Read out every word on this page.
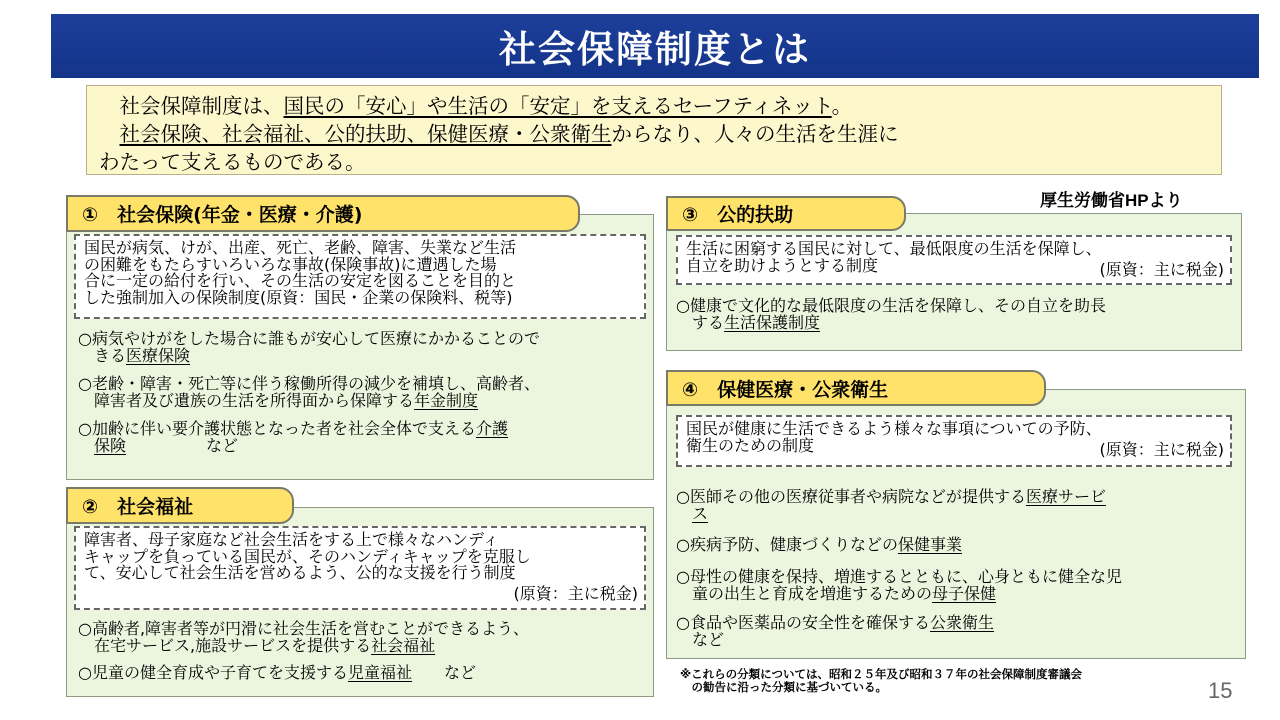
社会保障制度とは

　社会保障制度は、国民の「安心」や生活の「安定」を支えるセーフティネット。

　社会保険、社会福祉、公的扶助、保健医療・公衆衛生からなり、人々の生活を生涯に

わたって支えるものである。

厚生労働省HPより
①　社会保険(年金・医療・介護)
国民が病気、けが、出産、死亡、老齢、障害、失業など生活
の困難をもたらすいろいろな事故(保険事故)に遭遇した場
合に一定の給付を行い、その生活の安定を図ることを目的と
した強制加入の保険制度(原資：国民・企業の保険料、税等)
○病気やけがをした場合に誰もが安心して医療にかかることので
　きる医療保険
○老齢・障害・死亡等に伴う稼働所得の減少を補填し、高齢者、
　障害者及び遺族の生活を所得面から保障する年金制度
○加齢に伴い要介護状態となった者を社会全体で支える介護
　保険　　　　　など
②　社会福祉
障害者、母子家庭など社会生活をする上で様々なハンディ
キャップを負っている国民が、そのハンディキャップを克服し
て、安心して社会生活を営めるよう、公的な支援を行う制度
(原資：主に税金)
○高齢者,障害者等が円滑に社会生活を営むことができるよう、
　在宅サービス,施設サービスを提供する社会福祉
○児童の健全育成や子育てを支援する児童福祉　　など
③　公的扶助
生活に困窮する国民に対して、最低限度の生活を保障し、
自立を助けようとする制度	(原資：主に税金)
○健康で文化的な最低限度の生活を保障し、その自立を助長
　する生活保護制度
④　保健医療・公衆衛生
国民が健康に生活できるよう様々な事項についての予防、
衛生のための制度	(原資：主に税金)
○医師その他の医療従事者や病院などが提供する医療サービ
　ス
○疾病予防、健康づくりなどの保健事業
○母性の健康を保持、増進するとともに、心身ともに健全な児
　童の出生と育成を増進するための母子保健
○食品や医薬品の安全性を確保する公衆衛生
　など
※これらの分類については、昭和２５年及び昭和３７年の社会保障制度審議会
　の勧告に沿った分類に基づいている。	15
